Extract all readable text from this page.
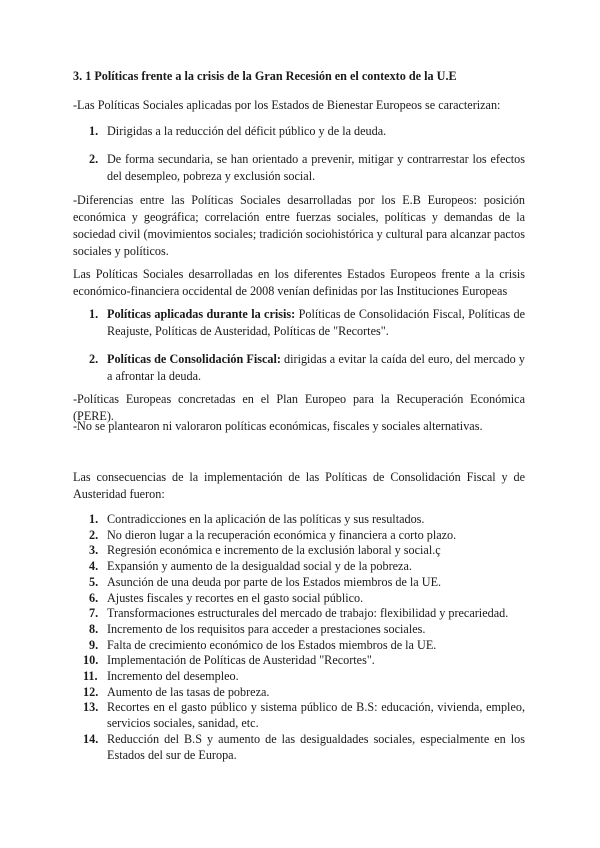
3. 1 Políticas frente a la crisis de la Gran Recesión en el contexto de la U.E
-Las Políticas Sociales aplicadas por los Estados de Bienestar Europeos se caracterizan:
1. Dirigidas a la reducción del déficit público y de la deuda.
2. De forma secundaria, se han orientado a prevenir, mitigar y contrarrestar los efectos del desempleo, pobreza y exclusión social.
-Diferencias entre las Políticas Sociales desarrolladas por los E.B Europeos: posición económica y geográfica; correlación entre fuerzas sociales, políticas y demandas de la sociedad civil (movimientos sociales; tradición sociohistórica y cultural para alcanzar pactos sociales y políticos.
Las Políticas Sociales desarrolladas en los diferentes Estados Europeos frente a la crisis económico-financiera occidental de 2008 venían definidas por las Instituciones Europeas
1. Políticas aplicadas durante la crisis: Políticas de Consolidación Fiscal, Políticas de Reajuste, Políticas de Austeridad, Políticas de "Recortes".
2. Políticas de Consolidación Fiscal: dirigidas a evitar la caída del euro, del mercado y a afrontar la deuda.
-Políticas Europeas concretadas en el Plan Europeo para la Recuperación Económica (PERE).
-No se plantearon ni valoraron políticas económicas, fiscales y sociales alternativas.
Las consecuencias de la implementación de las Políticas de Consolidación Fiscal y de Austeridad fueron:
1. Contradicciones en la aplicación de las políticas y sus resultados.
2. No dieron lugar a la recuperación económica y financiera a corto plazo.
3. Regresión económica e incremento de la exclusión laboral y social.ç
4. Expansión y aumento de la desigualdad social y de la pobreza.
5. Asunción de una deuda por parte de los Estados miembros de la UE.
6. Ajustes fiscales y recortes en el gasto social público.
7. Transformaciones estructurales del mercado de trabajo: flexibilidad y precariedad.
8. Incremento de los requisitos para acceder a prestaciones sociales.
9. Falta de crecimiento económico de los Estados miembros de la UE.
10. Implementación de Políticas de Austeridad "Recortes".
11. Incremento del desempleo.
12. Aumento de las tasas de pobreza.
13. Recortes en el gasto público y sistema público de B.S: educación, vivienda, empleo, servicios sociales, sanidad, etc.
14. Reducción del B.S y aumento de las desigualdades sociales, especialmente en los Estados del sur de Europa.
